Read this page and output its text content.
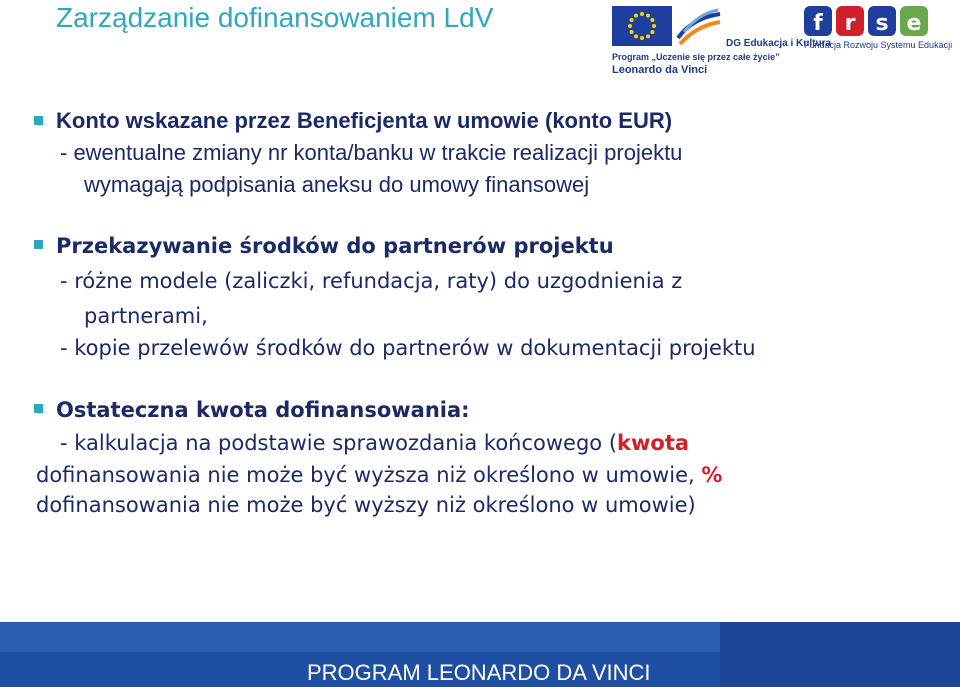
Zarządzanie dofinansowaniem LdV
DG Edukacja i Kultura
Program „Uczenie się przez całe życie”
Leonardo da Vinci
f r s e
Fundacja Rozwoju Systemu Edukacji
Konto wskazane przez Beneficjenta w umowie (konto EUR)
- ewentualne zmiany nr konta/banku w trakcie realizacji projektu
wymagają podpisania aneksu do umowy finansowej
Przekazywanie środków do partnerów projektu
- różne modele (zaliczki, refundacja, raty) do uzgodnienia z
partnerami,
- kopie przelewów środków do partnerów w dokumentacji projektu
Ostateczna kwota dofinansowania:
- kalkulacja na podstawie sprawozdania końcowego (kwota
dofinansowania nie może być wyższa niż określono w umowie, %
dofinansowania nie może być wyższy niż określono w umowie)
PROGRAM LEONARDO DA VINCI
